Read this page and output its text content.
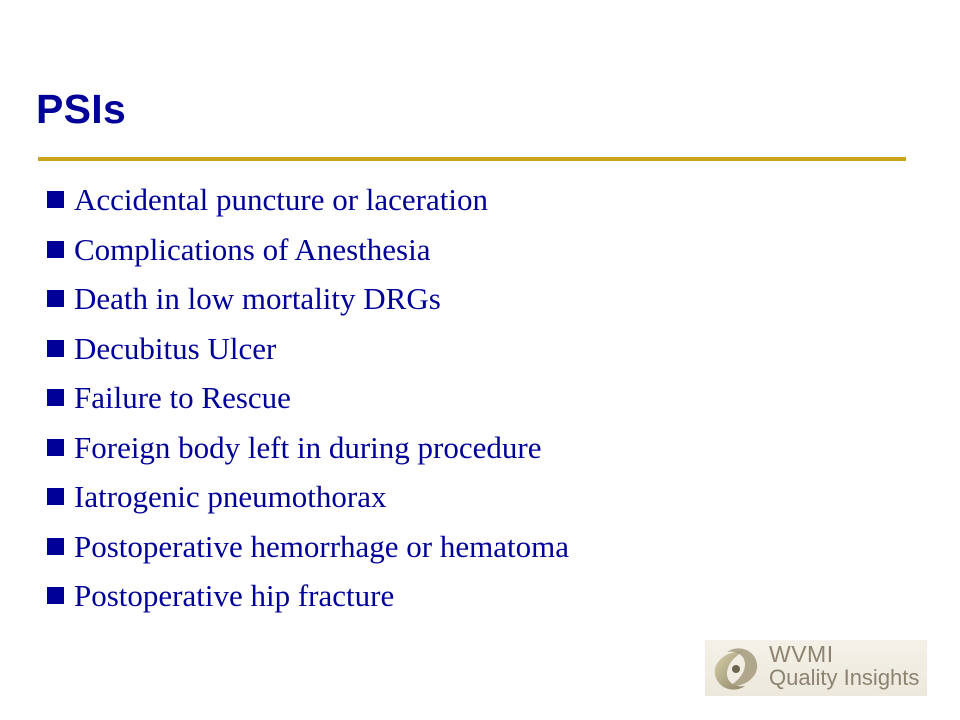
PSIs
Accidental puncture or laceration
Complications of Anesthesia
Death in low mortality DRGs
Decubitus Ulcer
Failure to Rescue
Foreign body left in during procedure
Iatrogenic pneumothorax
Postoperative hemorrhage or hematoma
Postoperative hip fracture
WVMI
Quality Insights
